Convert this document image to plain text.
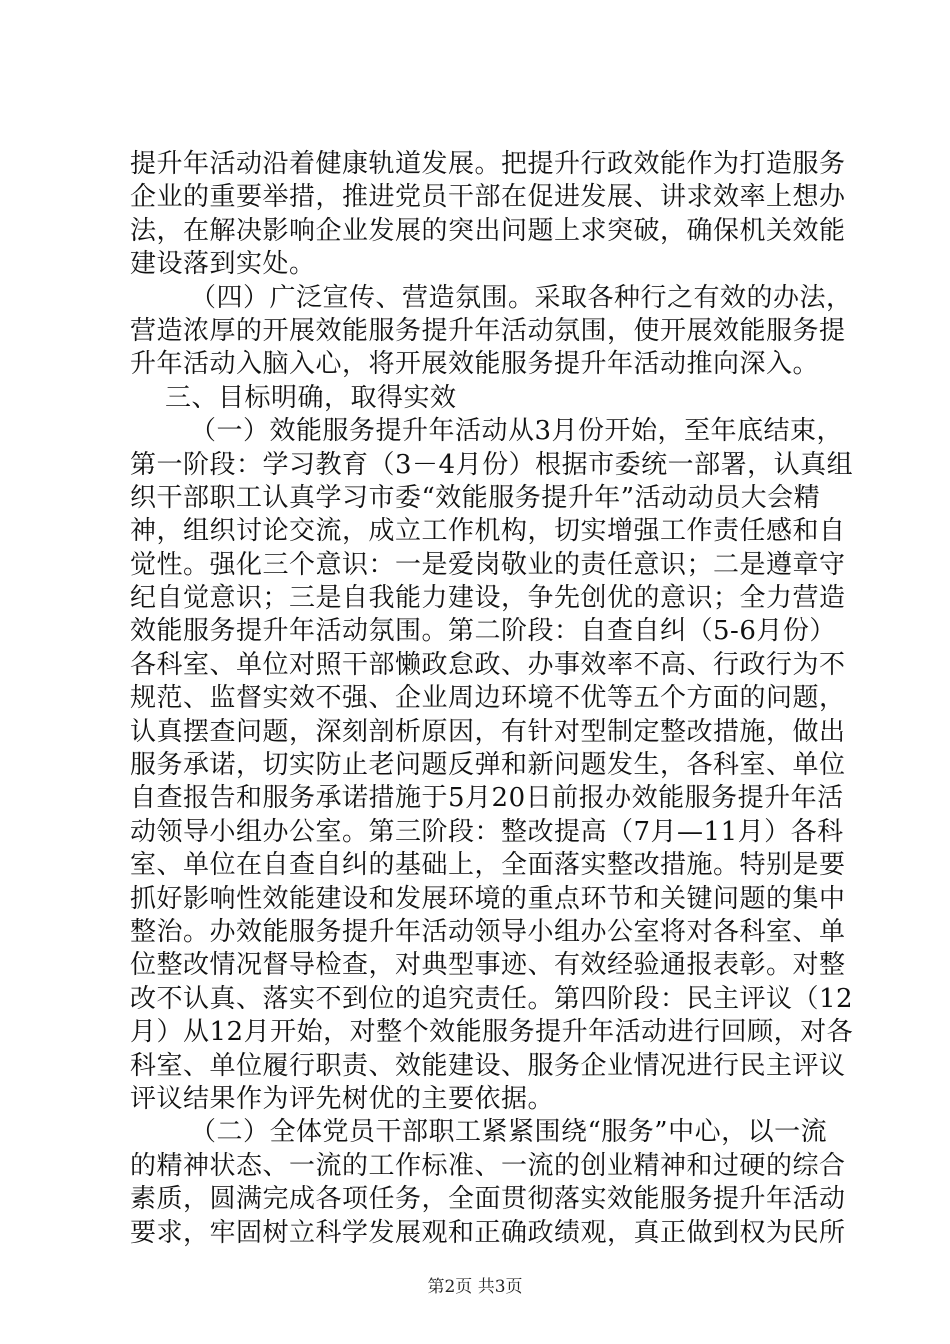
提升年活动沿着健康轨道发展。把提升行政效能作为打造服务
企业的重要举措，推进党员干部在促进发展、讲求效率上想办
法，在解决影响企业发展的突出问题上求突破，确保机关效能
建设落到实处。
（四）广泛宣传、营造氛围。采取各种行之有效的办法，
营造浓厚的开展效能服务提升年活动氛围，使开展效能服务提
升年活动入脑入心，将开展效能服务提升年活动推向深入。
三、目标明确，取得实效
（一）效能服务提升年活动从3月份开始，至年底结束，
第一阶段：学习教育（3－4月份）根据市委统一部署，认真组
织干部职工认真学习市委“效能服务提升年”活动动员大会精
神，组织讨论交流，成立工作机构，切实增强工作责任感和自
觉性。强化三个意识：一是爱岗敬业的责任意识；二是遵章守
纪自觉意识；三是自我能力建设，争先创优的意识；全力营造
效能服务提升年活动氛围。第二阶段：自查自纠（5-6月份）
各科室、单位对照干部懒政怠政、办事效率不高、行政行为不
规范、监督实效不强、企业周边环境不优等五个方面的问题，
认真摆查问题，深刻剖析原因，有针对型制定整改措施，做出
服务承诺，切实防止老问题反弹和新问题发生，各科室、单位
自查报告和服务承诺措施于5月20日前报办效能服务提升年活
动领导小组办公室。第三阶段：整改提高（7月—11月）各科
室、单位在自查自纠的基础上，全面落实整改措施。特别是要
抓好影响性效能建设和发展环境的重点环节和关键问题的集中
整治。办效能服务提升年活动领导小组办公室将对各科室、单
位整改情况督导检查，对典型事迹、有效经验通报表彰。对整
改不认真、落实不到位的追究责任。第四阶段：民主评议（12
月）从12月开始，对整个效能服务提升年活动进行回顾，对各
科室、单位履行职责、效能建设、服务企业情况进行民主评议
评议结果作为评先树优的主要依据。
（二）全体党员干部职工紧紧围绕“服务”中心，以一流
的精神状态、一流的工作标准、一流的创业精神和过硬的综合
素质，圆满完成各项任务，全面贯彻落实效能服务提升年活动
要求，牢固树立科学发展观和正确政绩观，真正做到权为民所
第2页 共3页
